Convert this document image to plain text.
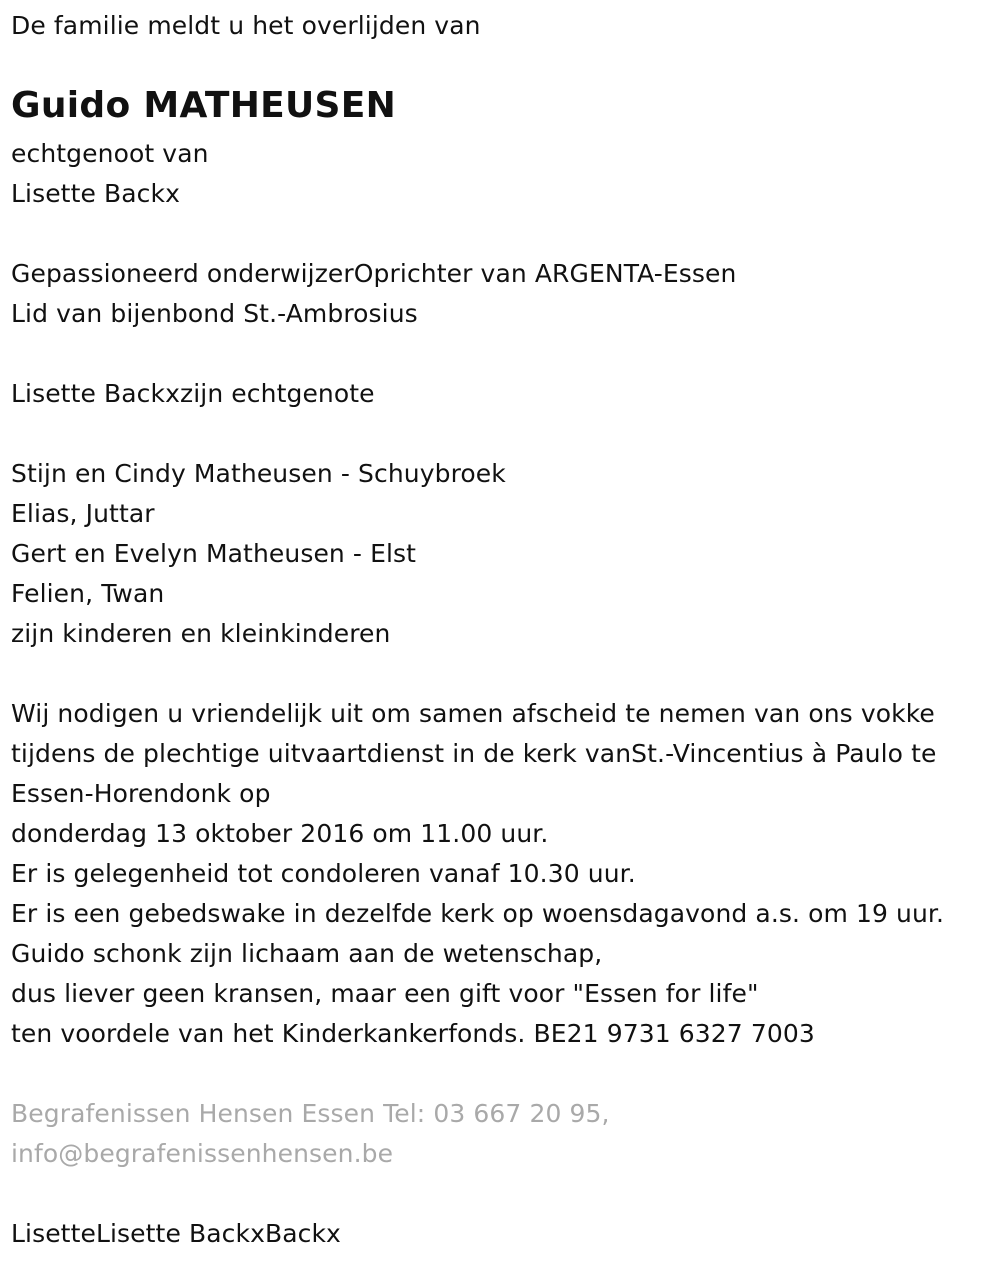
De familie meldt u het overlijden van
Guido MATHEUSEN
echtgenoot van
Lisette Backx
Gepassioneerd onderwijzerOprichter van ARGENTA-Essen
Lid van bijenbond St.-Ambrosius
Lisette Backxzijn echtgenote
Stijn en Cindy Matheusen - Schuybroek
Elias, Juttar
Gert en Evelyn Matheusen - Elst
Felien, Twan
zijn kinderen en kleinkinderen
Wij nodigen u vriendelijk uit om samen afscheid te nemen van ons vokke
tijdens de plechtige uitvaartdienst in de kerk vanSt.-Vincentius à Paulo te
Essen-Horendonk op
donderdag 13 oktober 2016 om 11.00 uur.
Er is gelegenheid tot condoleren vanaf 10.30 uur.
Er is een gebedswake in dezelfde kerk op woensdagavond a.s. om 19 uur.
Guido schonk zijn lichaam aan de wetenschap,
dus liever geen kransen, maar een gift voor "Essen for life"
ten voordele van het Kinderkankerfonds. BE21 9731 6327 7003
Begrafenissen Hensen Essen Tel: 03 667 20 95,
info@begrafenissenhensen.be
LisetteLisette BackxBackx
